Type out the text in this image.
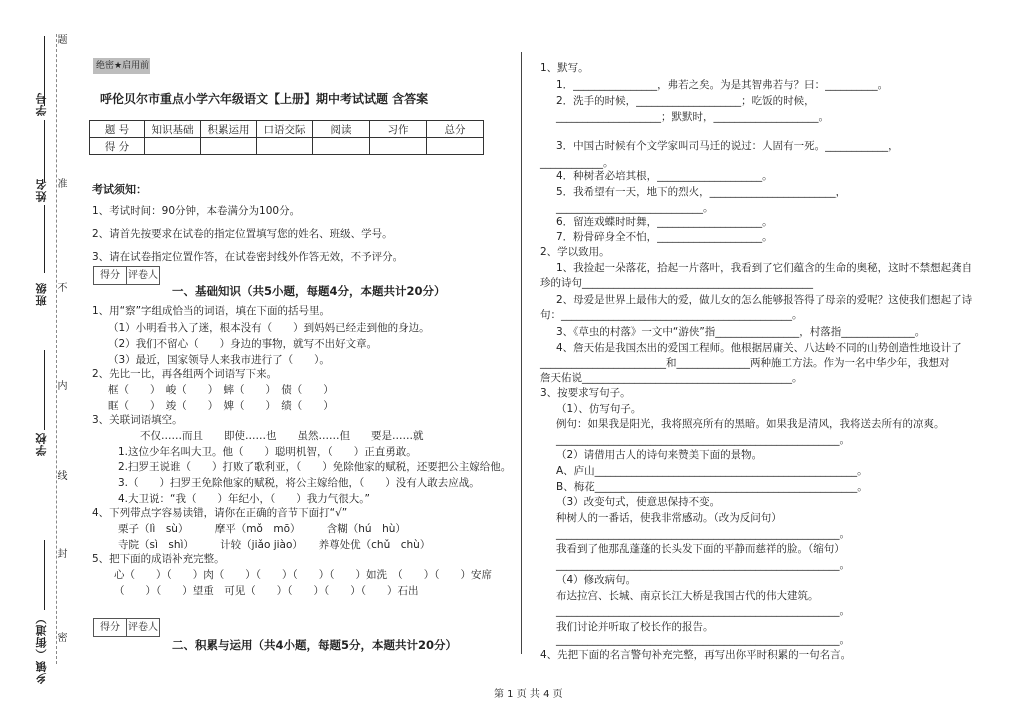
学号
姓名
班级
学校
乡镇（街道）
题
准
不
内
线
封
密
绝密★启用前
呼伦贝尔市重点小学六年级语文【上册】期中考试试题 含答案
题 号	知识基础	积累运用	口语交际	阅读	习作	总分
得 分						
考试须知：
1、考试时间：90分钟，本卷满分为100分。
2、请首先按要求在试卷的指定位置填写您的姓名、班级、学号。
3、请在试卷指定位置作答，在试卷密封线外作答无效，不予评分。
得分 评卷人
得分 评卷人
一、基础知识（共5小题，每题4分，本题共计20分）
1、用“察”字组成恰当的词语，填在下面的括号里。
（1）小明看书入了迷，根本没有（　　）到妈妈已经走到他的身边。
（2）我们不留心（　　）身边的事物，就写不出好文章。
（3）最近，国家领导人来我市进行了（　　）。
2、先比一比，再各组两个词语写下来。
框（　　）　峻（　　）　蟀（　　）　债（　　）
眶（　　）　竣（　　）　婢（　　）　绩（　　）
3、关联词语填空。
不仅……而且　　即使……也　　虽然……但　　要是……就
1.这位少年名叫大卫。他（　　）聪明机智，（　　）正直勇敢。
2.扫罗王说谁（　　）打败了歌利亚，（　　）免除他家的赋税，还要把公主嫁给他。
3.（　　）扫罗王免除他家的赋税，将公主嫁给他，（　　）没有人敢去应战。
4.大卫说：“我（　　）年纪小，（　　）我力气很大。”
4、下列带点字容易读错，请你在正确的音节下面打“√”
栗子（lì　sù）　　　摩平（mǒ　mō）　　　含糊（hú　hù）
寺院（sì　shì）　　　计较（jiǎo jiào）　　养尊处优（chǔ　chù）
5、把下面的成语补充完整。
心（　　）（　　）肉（　　）（　　）（　　）（　　）如洗　（　　）（　　）安席
（　　）（　　）望重　可见（　　）（　　）（　　）（　　）石出
二、积累与运用（共4小题，每题5分，本题共计20分）
1、默写。
1．________________，弗若之矣。为是其智弗若与？曰：__________。
2．洗手的时候，____________________；吃饭的时候，
____________________；默默时，____________________。
3．中国古时候有个文学家叫司马迁的说过：人固有一死。____________，
____________。
4．种树者必培其根，____________________。
5．我希望有一天，地下的烈火，________________________，
____________________________。
6．留连戏蝶时时舞，____________________。
7．粉骨碎身全不怕，____________________。
2、学以致用。
1、我捡起一朵落花，拾起一片落叶，我看到了它们蕴含的生命的奥秘，这时不禁想起龚自
珍的诗句____________________________________________
2、母爱是世界上最伟大的爱，做儿女的怎么能够报答得了母亲的爱呢？这使我们想起了诗
句：____________________________________________。
3、《草虫的村落》一文中“游侠”指________________，村落指______________。
4、詹天佑是我国杰出的爱国工程师。他根据居庸关、八达岭不同的山势创造性地设计了
________________________和______________两种施工方法。作为一名中华少年，我想对
詹天佑说________________________________________。
3、按要求写句子。
（1）、仿写句子。
例句：如果我是阳光，我将照亮所有的黑暗。如果我是清风，我将送去所有的凉爽。
______________________________________________________。
（2）请借用古人的诗句来赞美下面的景物。
A、庐山__________________________________________________。
B、梅花__________________________________________________。
（3）改变句式，使意思保持不变。
种树人的一番话，使我非常感动。（改为反问句）
______________________________________________________。
我看到了他那乱蓬蓬的长头发下面的平静而慈祥的脸。（缩句）
______________________________________________________。
（4）修改病句。
布达拉宫、长城、南京长江大桥是我国古代的伟大建筑。
______________________________________________________。
我们讨论并听取了校长作的报告。
______________________________________________________。
4、先把下面的名言警句补充完整，再写出你平时积累的一句名言。
第 1 页 共 4 页
